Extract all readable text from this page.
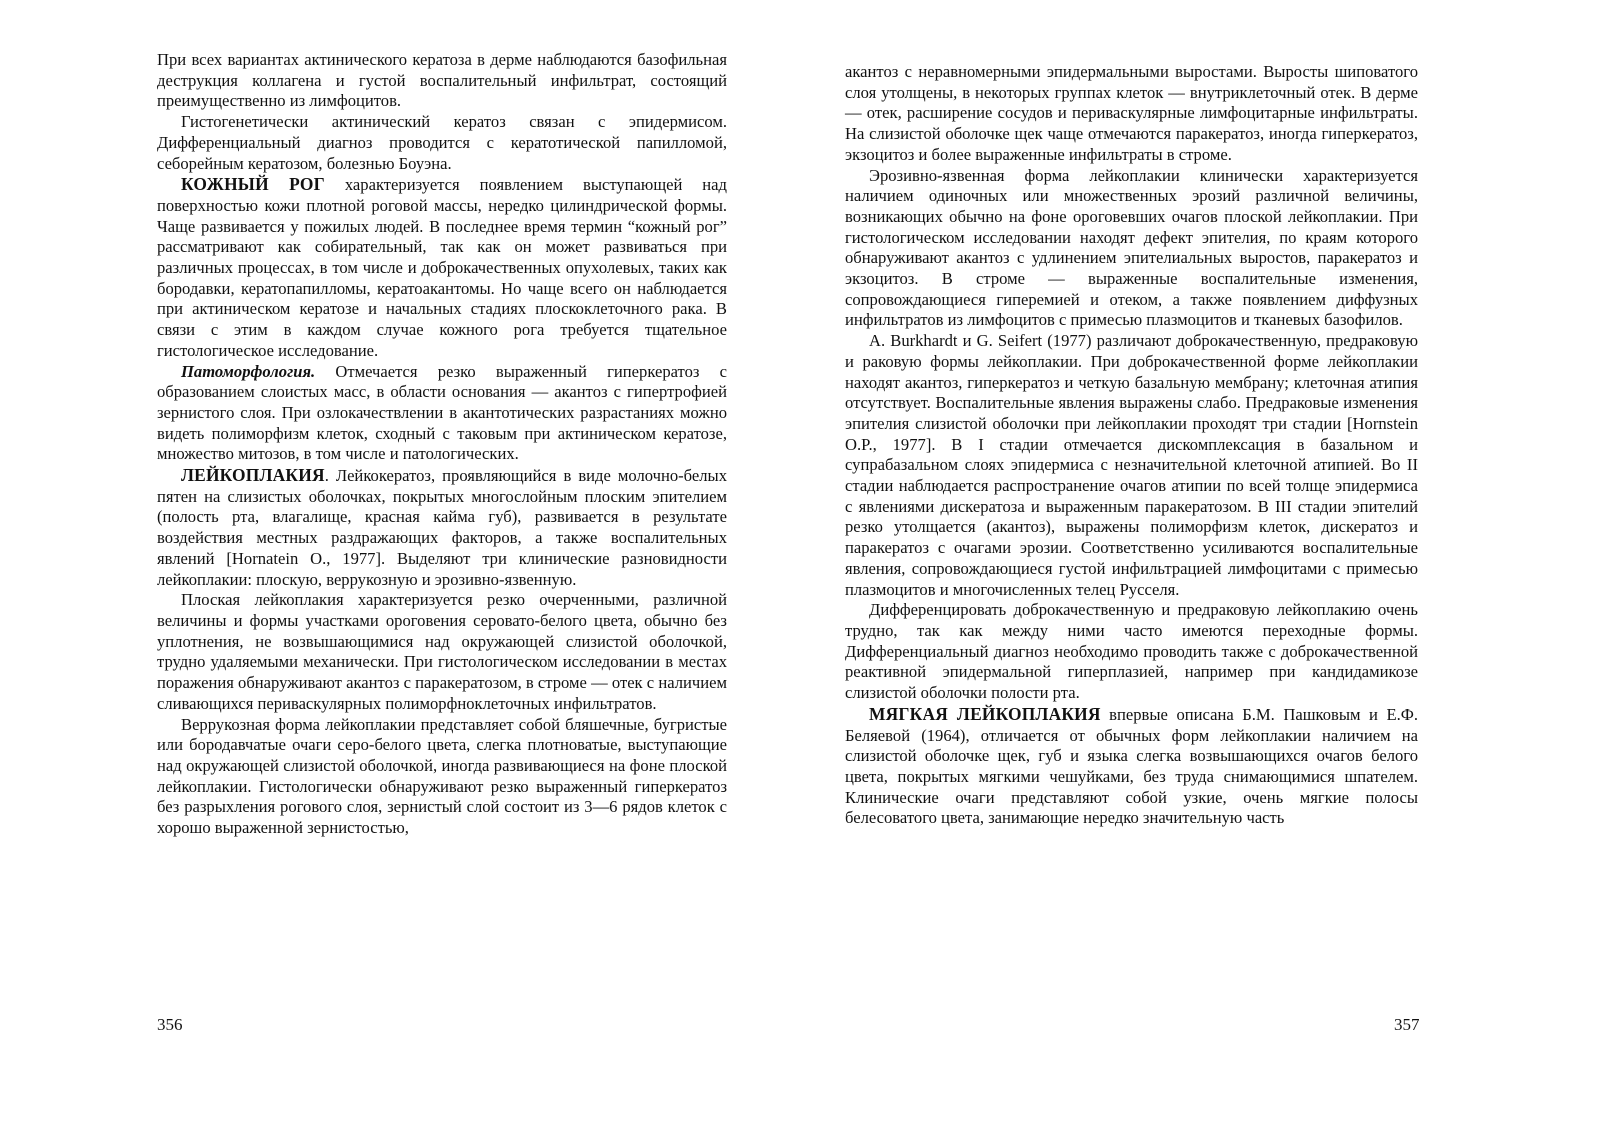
При всех вариантах актинического кератоза в дерме наблюдаются базофильная деструкция коллагена и густой воспалительный инфильтрат, состоящий преимущественно из лимфоцитов.

Гистогенетически актинический кератоз связан с эпидермисом. Дифференциальный диагноз проводится с кератотической папилломой, себорейным кератозом, болезнью Боуэна.

КОЖНЫЙ РОГ характеризуется появлением выступающей над поверхностью кожи плотной роговой массы, нередко цилиндрической формы. Чаще развивается у пожилых людей. В последнее время термин “кожный рог” рассматривают как собирательный, так как он может развиваться при различных процессах, в том числе и доброкачественных опухолевых, таких как бородавки, кератопапилломы, кератоакантомы. Но чаще всего он наблюдается при актиническом кератозе и начальных стадиях плоскоклеточного рака. В связи с этим в каждом случае кожного рога требуется тщательное гистологическое исследование.

Патоморфология. Отмечается резко выраженный гиперкератоз с образованием слоистых масс, в области основания — акантоз с гипертрофией зернистого слоя. При озлокачествлении в акантотических разрастаниях можно видеть полиморфизм клеток, сходный с таковым при актиническом кератозе, множество митозов, в том числе и патологических.

ЛЕЙКОПЛАКИЯ. Лейкокератоз, проявляющийся в виде молочно-белых пятен на слизистых оболочках, покрытых многослойным плоским эпителием (полость рта, влагалище, красная кайма губ), развивается в результате воздействия местных раздражающих факторов, а также воспалительных явлений [Hornatein O., 1977]. Выделяют три клинические разновидности лейкоплакии: плоскую, веррукозную и эрозивно-язвенную.

Плоская лейкоплакия характеризуется резко очерченными, различной величины и формы участками ороговения серовато-белого цвета, обычно без уплотнения, не возвышающимися над окружающей слизистой оболочкой, трудно удаляемыми механически. При гистологическом исследовании в местах поражения обнаруживают акантоз с паракератозом, в строме — отек с наличием сливающихся периваскулярных полиморфноклеточных инфильтратов.

Веррукозная форма лейкоплакии представляет собой бляшечные, бугристые или бородавчатые очаги серо-белого цвета, слегка плотноватые, выступающие над окружающей слизистой оболочкой, иногда развивающиеся на фоне плоской лейкоплакии. Гистологически обнаруживают резко выраженный гиперкератоз без разрыхления рогового слоя, зернистый слой состоит из 3—6 рядов клеток с хорошо выраженной зернистостью,

356

акантоз с неравномерными эпидермальными выростами. Выросты шиповатого слоя утолщены, в некоторых группах клеток — внутриклеточный отек. В дерме — отек, расширение сосудов и периваскулярные лимфоцитарные инфильтраты. На слизистой оболочке щек чаще отмечаются паракератоз, иногда гиперкератоз, экзоцитоз и более выраженные инфильтраты в строме.

Эрозивно-язвенная форма лейкоплакии клинически характеризуется наличием одиночных или множественных эрозий различной величины, возникающих обычно на фоне ороговевших очагов плоской лейкоплакии. При гистологическом исследовании находят дефект эпителия, по краям которого обнаруживают акантоз с удлинением эпителиальных выростов, паракератоз и экзоцитоз. В строме — выраженные воспалительные изменения, сопровождающиеся гиперемией и отеком, а также появлением диффузных инфильтратов из лимфоцитов с примесью плазмоцитов и тканевых базофилов.

A. Burkhardt и G. Seifert (1977) различают доброкачественную, предраковую и раковую формы лейкоплакии. При доброкачественной форме лейкоплакии находят акантоз, гиперкератоз и четкую базальную мембрану; клеточная атипия отсутствует. Воспалительные явления выражены слабо. Предраковые изменения эпителия слизистой оболочки при лейкоплакии проходят три стадии [Hornstein O.P., 1977]. В I стадии отмечается дискомплексация в базальном и супрабазальном слоях эпидермиса с незначительной клеточной атипией. Во II стадии наблюдается распространение очагов атипии по всей толще эпидермиса с явлениями дискератоза и выраженным паракератозом. В III стадии эпителий резко утолщается (акантоз), выражены полиморфизм клеток, дискератоз и паракератоз с очагами эрозии. Соответственно усиливаются воспалительные явления, сопровождающиеся густой инфильтрацией лимфоцитами с примесью плазмоцитов и многочисленных телец Русселя.

Дифференцировать доброкачественную и предраковую лейкоплакию очень трудно, так как между ними часто имеются переходные формы. Дифференциальный диагноз необходимо проводить также с доброкачественной реактивной эпидермальной гиперплазией, например при кандидамикозе слизистой оболочки полости рта.

МЯГКАЯ ЛЕЙКОПЛАКИЯ впервые описана Б.М. Пашковым и Е.Ф. Беляевой (1964), отличается от обычных форм лейкоплакии наличием на слизистой оболочке щек, губ и языка слегка возвышающихся очагов белого цвета, покрытых мягкими чешуйками, без труда снимающимися шпателем. Клинические очаги представляют собой узкие, очень мягкие полосы белесоватого цвета, занимающие нередко значительную часть

357
